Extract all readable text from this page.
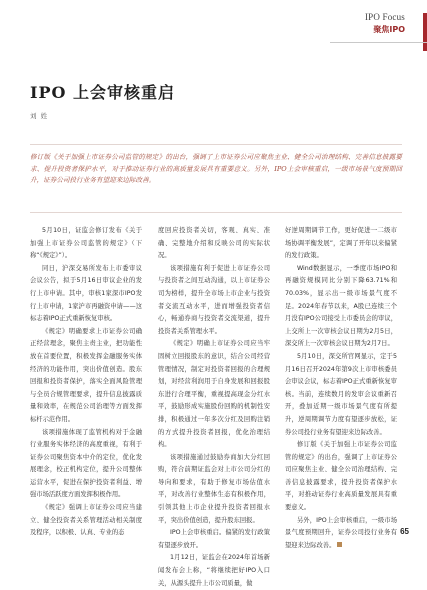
IPO Focus
聚焦IPO
IPO 上会审核重启
刘 姓
修订版《关于加强上市证券公司监管的规定》的出台，强调了上市证券公司应聚焦主业、健全公司治理结构、完善信息披露要求、提升投资者保护水平，对于推动证券行业的高质量发展具有重要意义。另外，IPO上会审核重启，一级市场景气度预期回升，证券公司投行业务有望迎来边际改善。

5月10日，证监会修订发布《关于加强上市证券公司监管的规定》（下称“《规定》”）。

同日，沪深交易所发布上市委审议会议公告，拟于5月16日审议企业的发行上市申请。其中，审核1家深市IPO发行上市申请，1家沪市再融资申请——这标志着IPO正式重新恢复审核。

《规定》明确要求上市证券公司确正经营理念，聚焦主责主业，把功能性放在首要位置，积极发挥金融服务实体经济的功能作用，突出价值创造。股东回报和投资者保护，落实全面风险管理与全员合规管理要求，提升信息披露质量和效率，在规范公司治理等方面发挥标杆示范作用。

该项措施体现了监管机构对于金融行业服务实体经济的高度重视，有利于证券公司聚焦资本中介的定位，优化发展理念，校正机构定位，提升公司整体运营水平，促进在保护投资者利益、增强市场活跃度方面发挥积极作用。

《规定》强调上市证券公司应当建立、健全投资者关系管理活动相关制度及程序，以积极、认真、专业的态

度回应投资者关切，客观、真实、准确、完整地介绍和反映公司的实际状况。

该项措施有利于促进上市证券公司与投资者之间互动沟通，以上市证券公司为榜样，提升全市场上市企业与投资者交流互动水平，进而增强投资者信心，畅通券商与投资者交流渠道，提升投资者关系管理水平。

《规定》明确上市证券公司应当牢固树立回报股东的意识，结合公司经营管理情况，制定对投资者回报的合理规划，对经营利润用于自身发展和回报股东进行合理平衡，重视提高现金分红水平，鼓励形成实施股份回购的机制性安排，积极通过一年多次分红及回购注销的方式提升投资者回报，优化治理结构。

该项措施通过鼓励券商加大分红回购，符合前期证监会对上市公司分红的导向和要求，有助于修复市场估值水平，对改善行业整体生态有积极作用，引领其他上市企业提升投资者回报水平，突出价值创造，提升股东回报。

IPO上会审核重启。偏紧的发行政策有望逐步放开。

1月12日，证监会在2024年首场新闻发布会上称，“将继续把好IPO入口关，从源头提升上市公司质量，做

好逆周期调节工作，更好促进一二级市场协调平衡发展”，定调了开年以来偏紧的发行政策。

Wind数据显示，一季度市场IPO和再融资规模同比分别下降63.71%和70.03%，显示出一级市场景气度不足。2024年春节以来，A股已连续三个月没有IPO公司接受上市委员会的审议，上交所上一次审核会议日期为2月5日，深交所上一次审核会议日期为2月7日。

5月10日，深交所官网显示，定于5月16日召开2024年第9次上市审核委员会审议会议，标志着IPO正式重新恢复审核。当前，连续数月的发审会议重新召开，叠加近期一级市场景气度有所提升，逆周期调节力度有望逐步放松，证券公司投行业务有望迎来边际改善。

修订版《关于加强上市证券公司监管的规定》的出台，强调了上市证券公司应聚焦主业、健全公司治理结构、完善信息披露要求，提升投资者保护水平，对推动证券行业高质量发展具有重要意义。

另外，IPO上会审核重启，一级市场景气度预期回升，证券公司投行业务有望迎来边际改善。

65
